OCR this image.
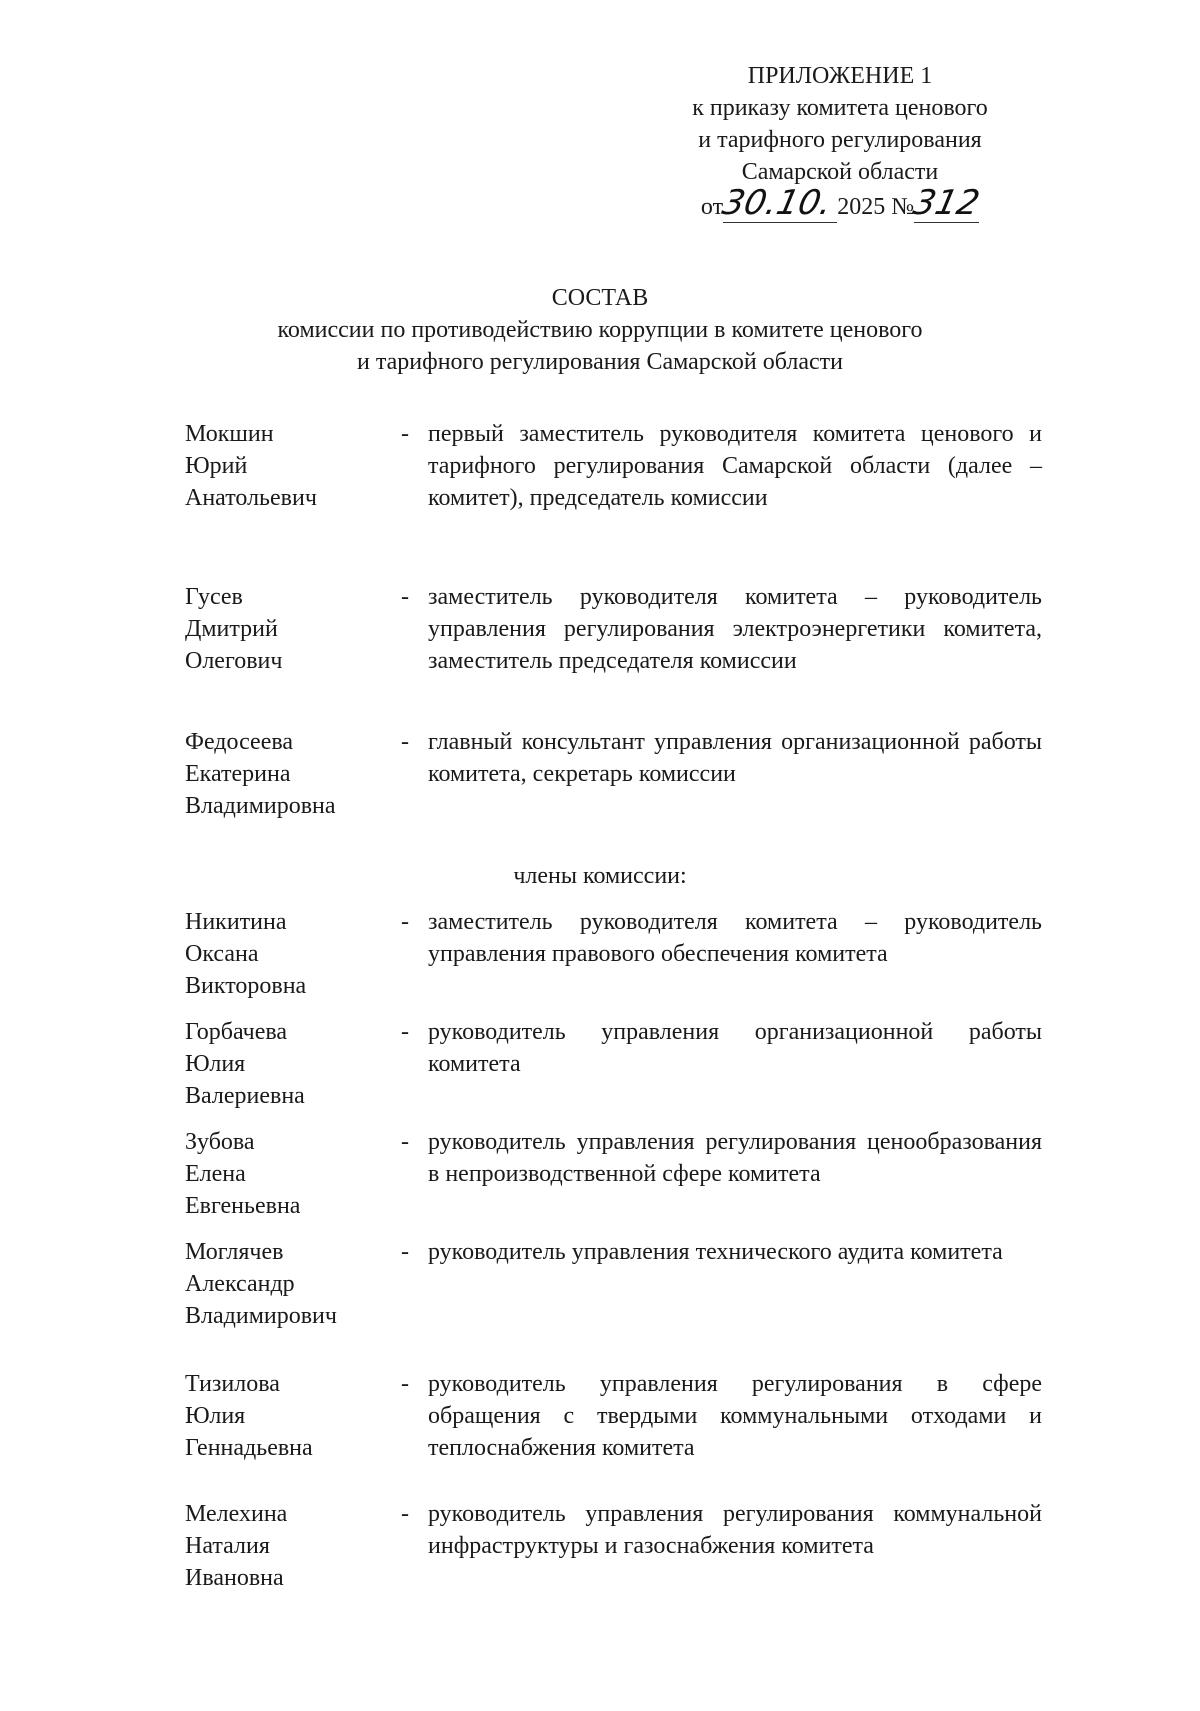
ПРИЛОЖЕНИЕ 1
к приказу комитета ценового
и тарифного регулирования
Самарской области
от30.10. 2025 №312
СОСТАВ
комиссии по противодействию коррупции в комитете ценового
и тарифного регулирования Самарской области
Мокшин
Юрий
Анатольевич
- первый заместитель руководителя комитета ценового и тарифного регулирования Самарской области (далее – комитет), председатель комиссии
Гусев
Дмитрий
Олегович
- заместитель руководителя комитета – руководитель управления регулирования электроэнергетики комитета, заместитель председателя комиссии
Федосеева
Екатерина
Владимировна
- главный консультант управления организационной работы комитета, секретарь комиссии
члены комиссии:
Никитина
Оксана
Викторовна
- заместитель руководителя комитета – руководитель управления правового обеспечения комитета
Горбачева
Юлия
Валериевна
- руководитель управления организационной работы комитета
Зубова
Елена
Евгеньевна
- руководитель управления регулирования ценообразования в непроизводственной сфере комитета
Моглячев
Александр
Владимирович
- руководитель управления технического аудита комитета
Тизилова
Юлия
Геннадьевна
- руководитель управления регулирования в сфере обращения с твердыми коммунальными отходами и теплоснабжения комитета
Мелехина
Наталия
Ивановна
- руководитель управления регулирования коммунальной инфраструктуры и газоснабжения комитета
